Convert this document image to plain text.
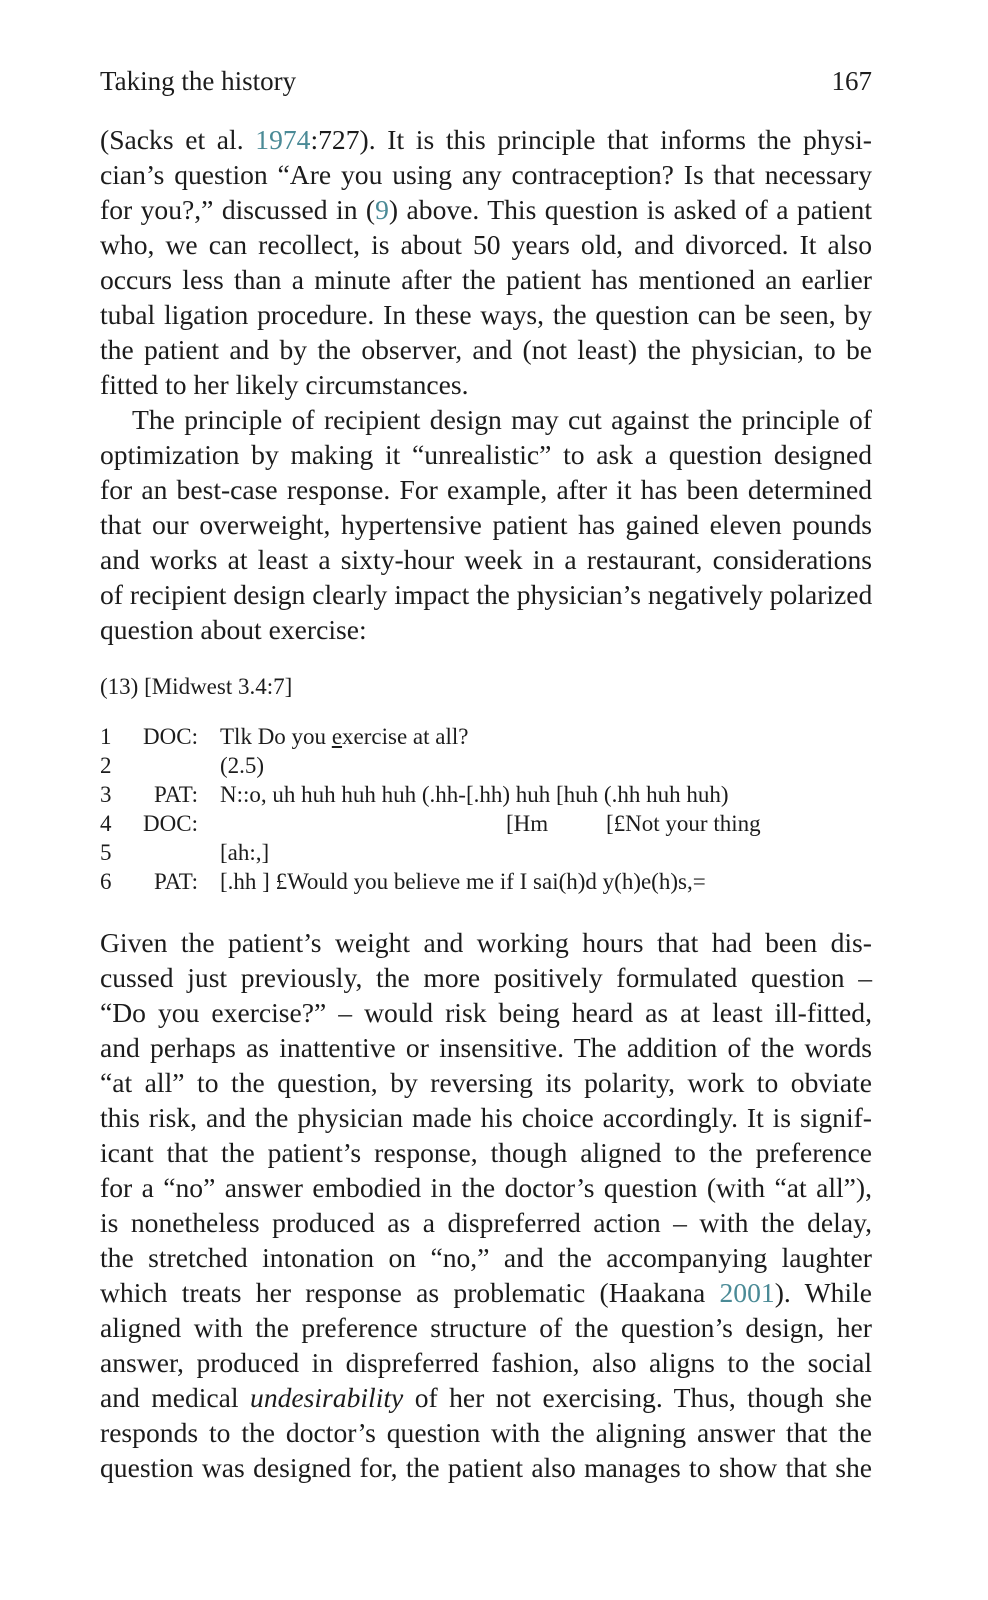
Taking the history	167
(Sacks et al. 1974:727). It is this principle that informs the physi-
cian’s question “Are you using any contraception? Is that necessary
for you?,” discussed in (9) above. This question is asked of a patient
who, we can recollect, is about 50 years old, and divorced. It also
occurs less than a minute after the patient has mentioned an earlier
tubal ligation procedure. In these ways, the question can be seen, by
the patient and by the observer, and (not least) the physician, to be
fitted to her likely circumstances.
The principle of recipient design may cut against the principle of
optimization by making it “unrealistic” to ask a question designed
for an best-case response. For example, after it has been determined
that our overweight, hypertensive patient has gained eleven pounds
and works at least a sixty-hour week in a restaurant, considerations
of recipient design clearly impact the physician’s negatively polarized
question about exercise:
(13) [Midwest 3.4:7]
1	DOC: Tlk Do you exercise at all?
2	(2.5)
3	PAT: N::o, uh huh huh huh (.hh-[.hh) huh [huh (.hh huh huh)
4	DOC:	[Hm	[£Not your thing
5	[ah:,]
6	PAT: [.hh ] £Would you believe me if I sai(h)d y(h)e(h)s,=
Given the patient’s weight and working hours that had been dis-
cussed just previously, the more positively formulated question –
“Do you exercise?” – would risk being heard as at least ill-fitted,
and perhaps as inattentive or insensitive. The addition of the words
“at all” to the question, by reversing its polarity, work to obviate
this risk, and the physician made his choice accordingly. It is signif-
icant that the patient’s response, though aligned to the preference
for a “no” answer embodied in the doctor’s question (with “at all”),
is nonetheless produced as a dispreferred action – with the delay,
the stretched intonation on “no,” and the accompanying laughter
which treats her response as problematic (Haakana 2001). While
aligned with the preference structure of the question’s design, her
answer, produced in dispreferred fashion, also aligns to the social
and medical undesirability of her not exercising. Thus, though she
responds to the doctor’s question with the aligning answer that the
question was designed for, the patient also manages to show that she
